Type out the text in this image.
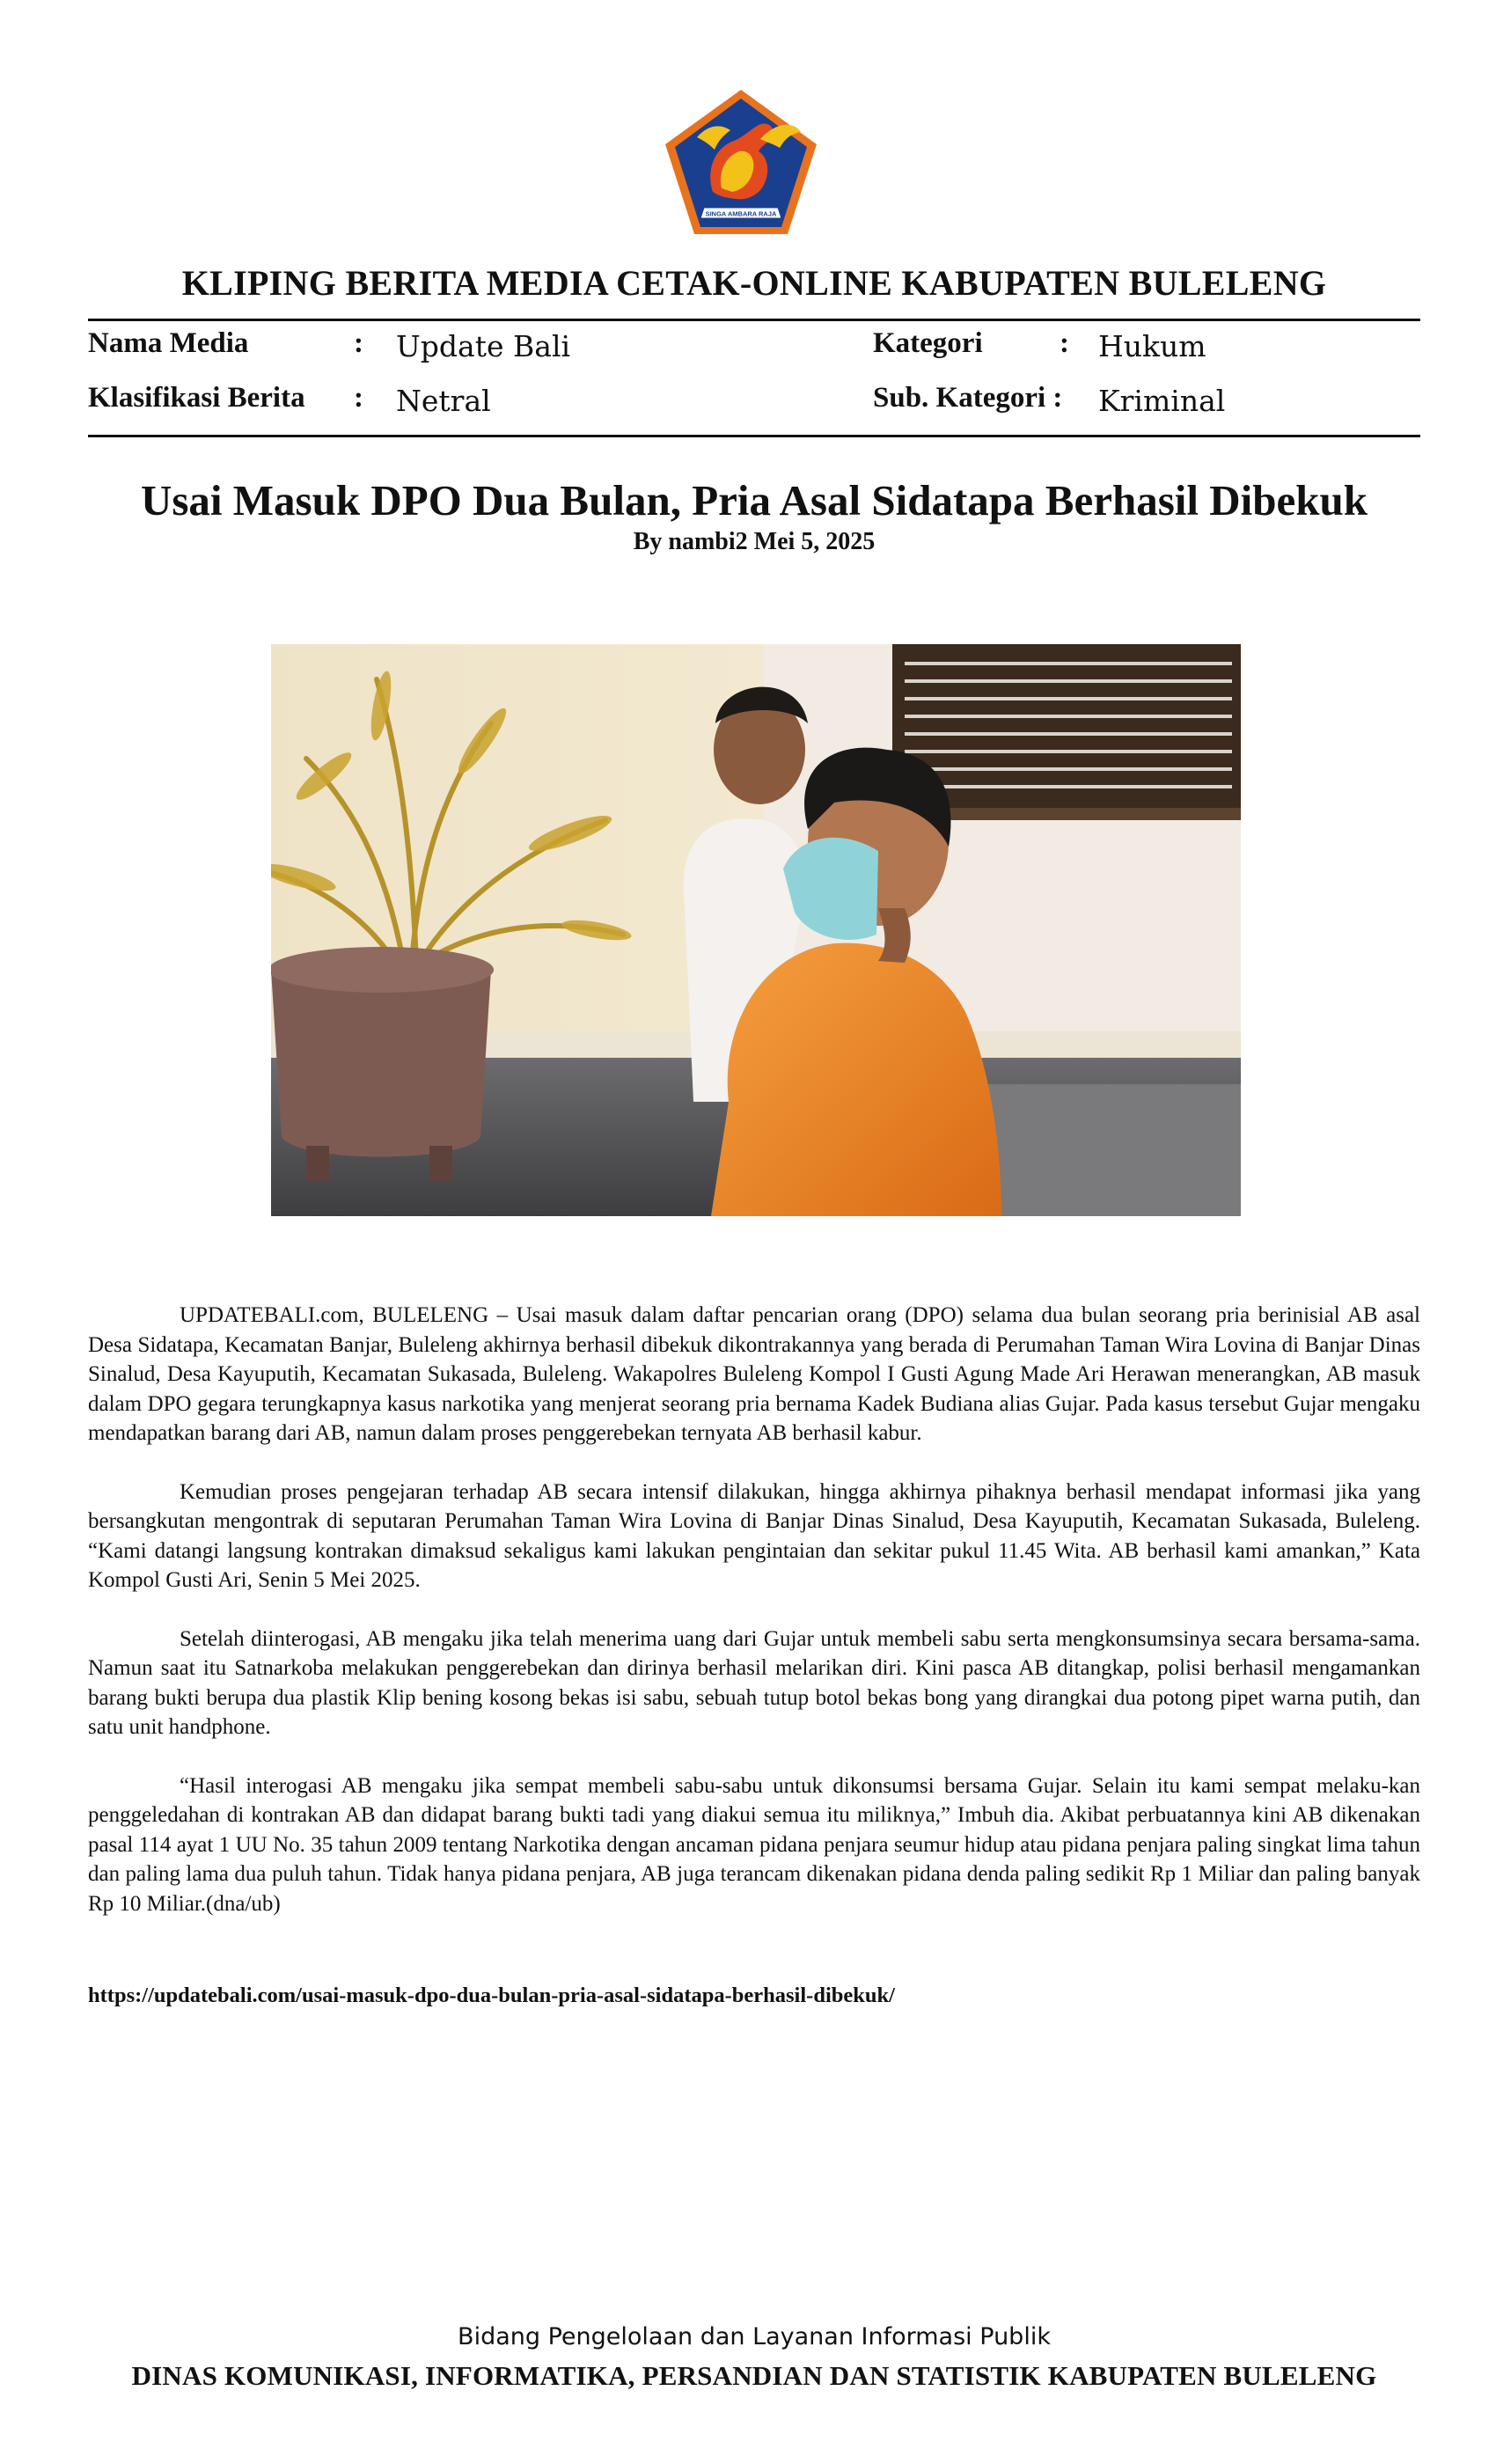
SINGA AMBARA RAJA
KLIPING BERITA MEDIA CETAK-ONLINE KABUPATEN BULELENG
Nama Media	: Update Bali	Kategori	: Hukum
Klasifikasi Berita : Netral	Sub. Kategori : Kriminal
Usai Masuk DPO Dua Bulan, Pria Asal Sidatapa Berhasil Dibekuk
By nambi2 Mei 5, 2025

UPDATEBALI.com, BULELENG – Usai masuk dalam daftar pencarian orang (DPO) selama dua bulan seorang pria berinisial AB asal Desa Sidatapa, Kecamatan Banjar, Buleleng akhirnya berhasil dibekuk dikontrakannya yang berada di Perumahan Taman Wira Lovina di Banjar Dinas Sinalud, Desa Kayuputih, Kecamatan Sukasada, Buleleng. Wakapolres Buleleng Kompol I Gusti Agung Made Ari Herawan menerangkan, AB masuk dalam DPO gegara terungkapnya kasus narkotika yang menjerat seorang pria bernama Kadek Budiana alias Gujar. Pada kasus tersebut Gujar mengaku mendapatkan barang dari AB, namun dalam proses penggerebekan ternyata AB berhasil kabur.

Kemudian proses pengejaran terhadap AB secara intensif dilakukan, hingga akhirnya pihaknya berhasil mendapat informasi jika yang bersangkutan mengontrak di seputaran Perumahan Taman Wira Lovina di Banjar Dinas Sinalud, Desa Kayuputih, Kecamatan Sukasada, Buleleng. “Kami datangi langsung kontrakan dimaksud sekaligus kami lakukan pengintaian dan sekitar pukul 11.45 Wita. AB berhasil kami amankan,” Kata Kompol Gusti Ari, Senin 5 Mei 2025.

Setelah diinterogasi, AB mengaku jika telah menerima uang dari Gujar untuk membeli sabu serta mengkonsumsinya secara bersama-sama. Namun saat itu Satnarkoba melakukan penggerebekan dan dirinya berhasil melarikan diri. Kini pasca AB ditangkap, polisi berhasil mengamankan barang bukti berupa dua plastik Klip bening kosong bekas isi sabu, sebuah tutup botol bekas bong yang dirangkai dua potong pipet warna putih, dan satu unit handphone.

“Hasil interogasi AB mengaku jika sempat membeli sabu-sabu untuk dikonsumsi bersama Gujar. Selain itu kami sempat melaku-kan penggeledahan di kontrakan AB dan didapat barang bukti tadi yang diakui semua itu miliknya,” Imbuh dia. Akibat perbuatannya kini AB dikenakan pasal 114 ayat 1 UU No. 35 tahun 2009 tentang Narkotika dengan ancaman pidana penjara seumur hidup atau pidana penjara paling singkat lima tahun dan paling lama dua puluh tahun. Tidak hanya pidana penjara, AB juga terancam dikenakan pidana denda paling sedikit Rp 1 Miliar dan paling banyak Rp 10 Miliar.(dna/ub)

https://updatebali.com/usai-masuk-dpo-dua-bulan-pria-asal-sidatapa-berhasil-dibekuk/
Bidang Pengelolaan dan Layanan Informasi Publik
DINAS KOMUNIKASI, INFORMATIKA, PERSANDIAN DAN STATISTIK KABUPATEN BULELENG
